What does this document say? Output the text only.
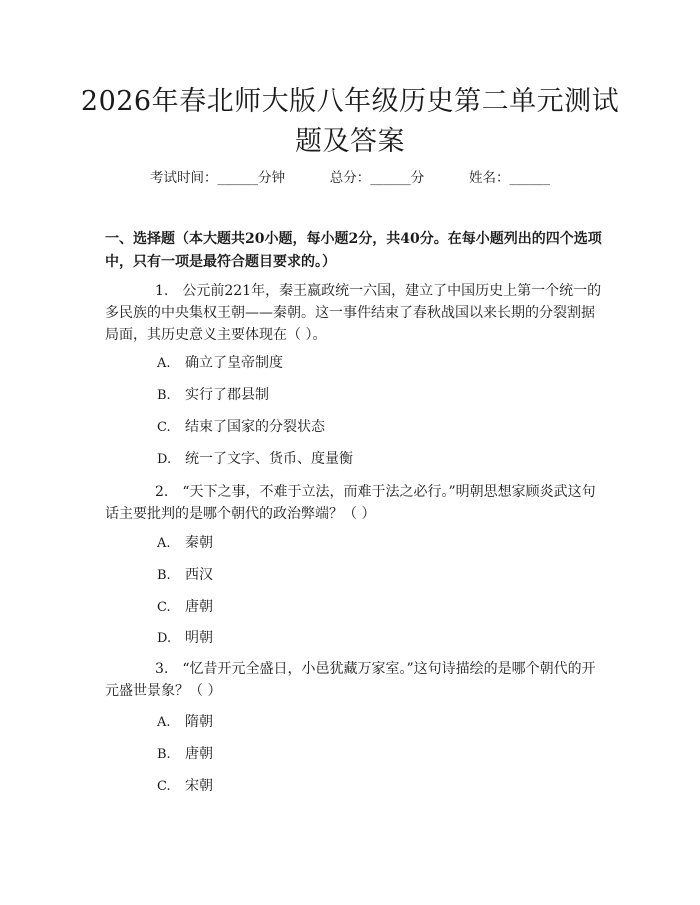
2026年春北师大版八年级历史第二单元测试题及答案
考试时间：______分钟	总分：______分	姓名：______

一、选择题（本大题共20小题，每小题2分，共40分。在每小题列出的四个选项中，只有一项是最符合题目要求的。）

1. 公元前221年，秦王嬴政统一六国，建立了中国历史上第一个统一的多民族的中央集权王朝——秦朝。这一事件结束了春秋战国以来长期的分裂割据局面，其历史意义主要体现在（ ）。

A. 确立了皇帝制度
B. 实行了郡县制
C. 结束了国家的分裂状态
D. 统一了文字、货币、度量衡

2. “天下之事，不难于立法，而难于法之必行。”明朝思想家顾炎武这句话主要批判的是哪个朝代的政治弊端？（ ）

A. 秦朝
B. 西汉
C. 唐朝
D. 明朝

3. “忆昔开元全盛日，小邑犹藏万家室。”这句诗描绘的是哪个朝代的开元盛世景象？（ ）

A. 隋朝
B. 唐朝
C. 宋朝
